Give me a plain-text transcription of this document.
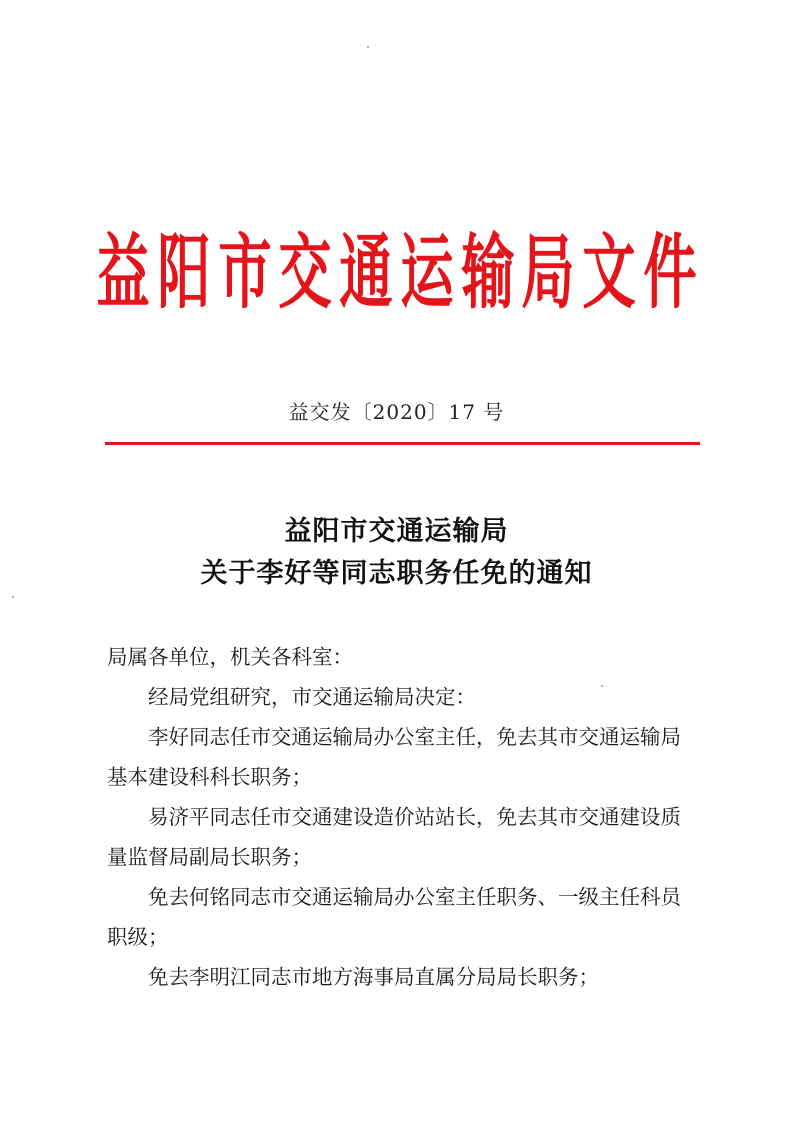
益 阳 市 交 通 运 输 局 文 件
益交发〔2020〕17 号
益阳市交通运输局
关于李好等同志职务任免的通知
局属各单位，机关各科室：
经局党组研究，市交通运输局决定：
李好同志任市交通运输局办公室主任，免去其市交通运输局
基本建设科科长职务；
易济平同志任市交通建设造价站站长，免去其市交通建设质
量监督局副局长职务；
免去何铭同志市交通运输局办公室主任职务、一级主任科员
职级；
免去李明江同志市地方海事局直属分局局长职务；
